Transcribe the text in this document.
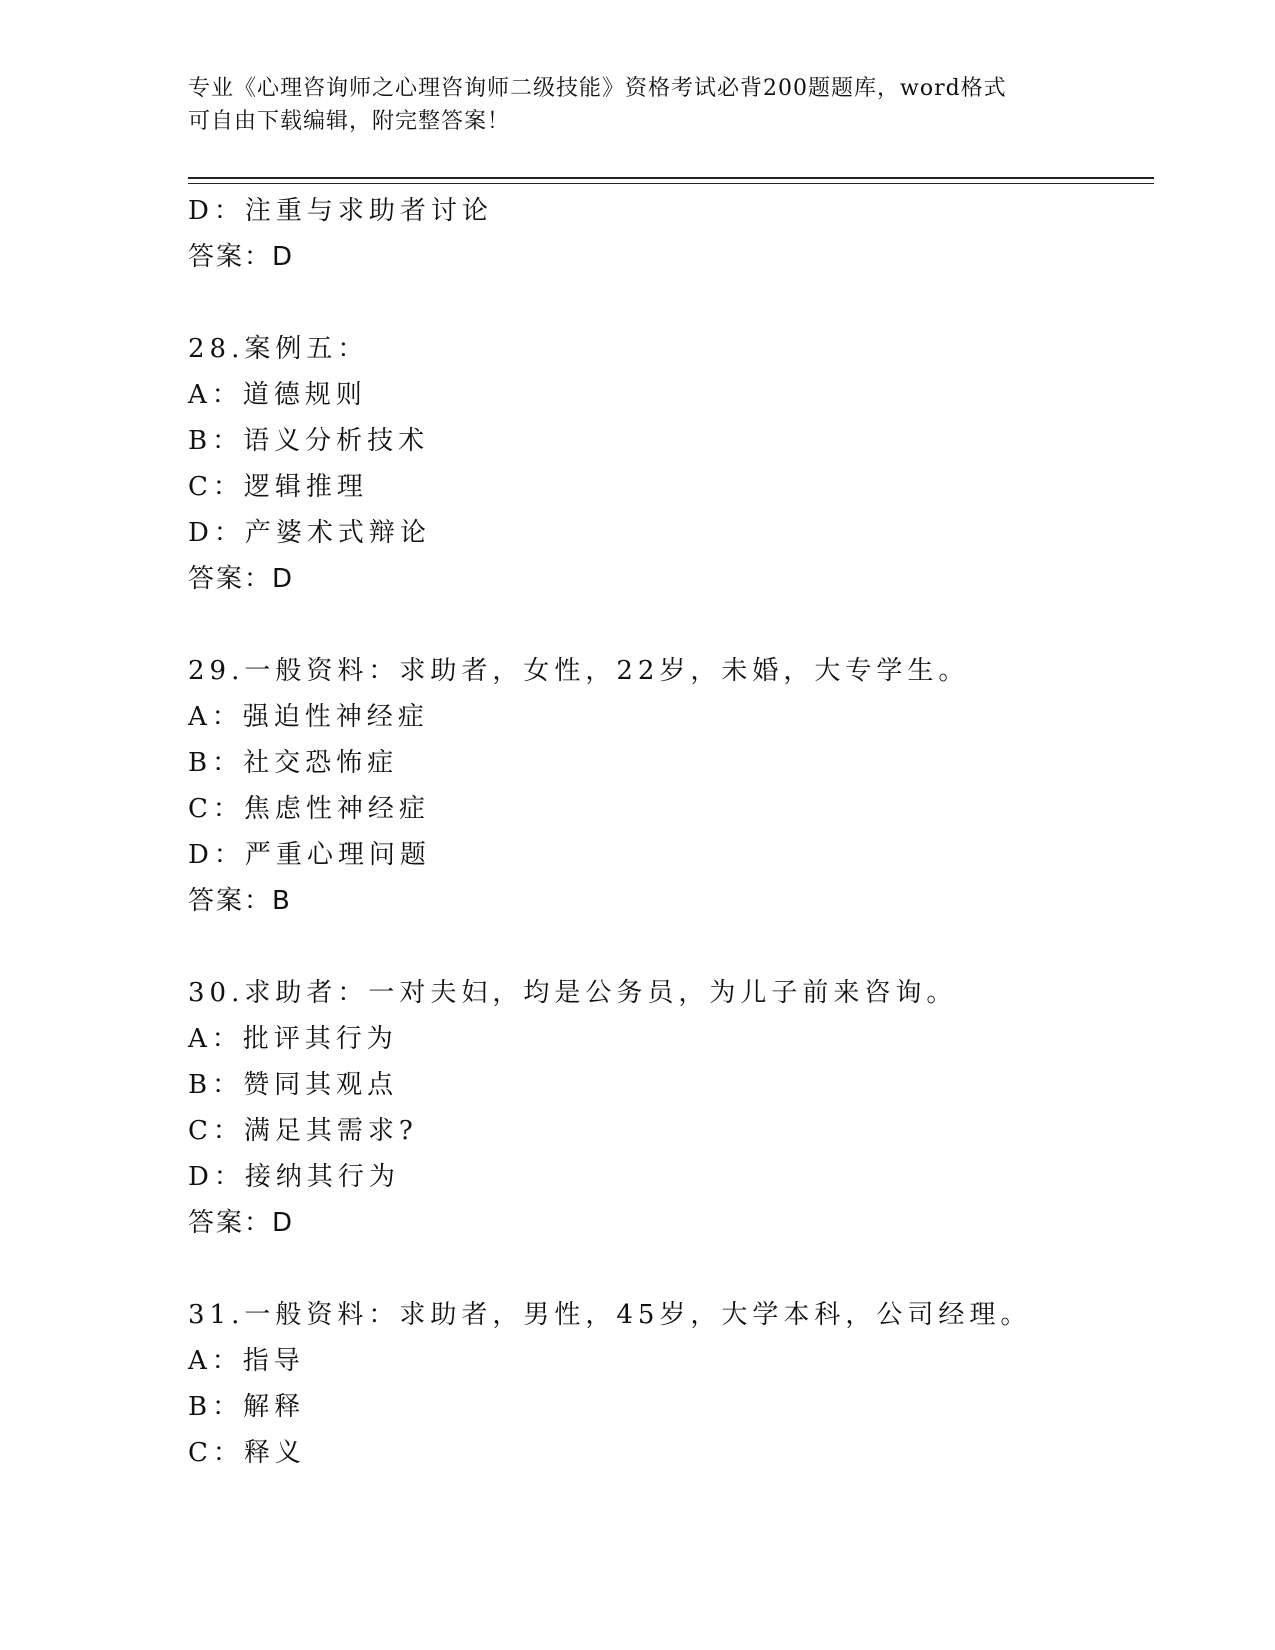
专业《心理咨询师之心理咨询师二级技能》资格考试必背200题题库，word格式
可自由下载编辑，附完整答案！
D：注重与求助者讨论
答案：D
28.案例五：
A：道德规则
B：语义分析技术
C：逻辑推理
D：产婆术式辩论
答案：D
29.一般资料：求助者，女性，22岁，未婚，大专学生。
A：强迫性神经症
B：社交恐怖症
C：焦虑性神经症
D：严重心理问题
答案：B
30.求助者：一对夫妇，均是公务员，为儿子前来咨询。
A：批评其行为
B：赞同其观点
C：满足其需求?
D：接纳其行为
答案：D
31.一般资料：求助者，男性，45岁，大学本科，公司经理。
A：指导
B：解释
C：释义
